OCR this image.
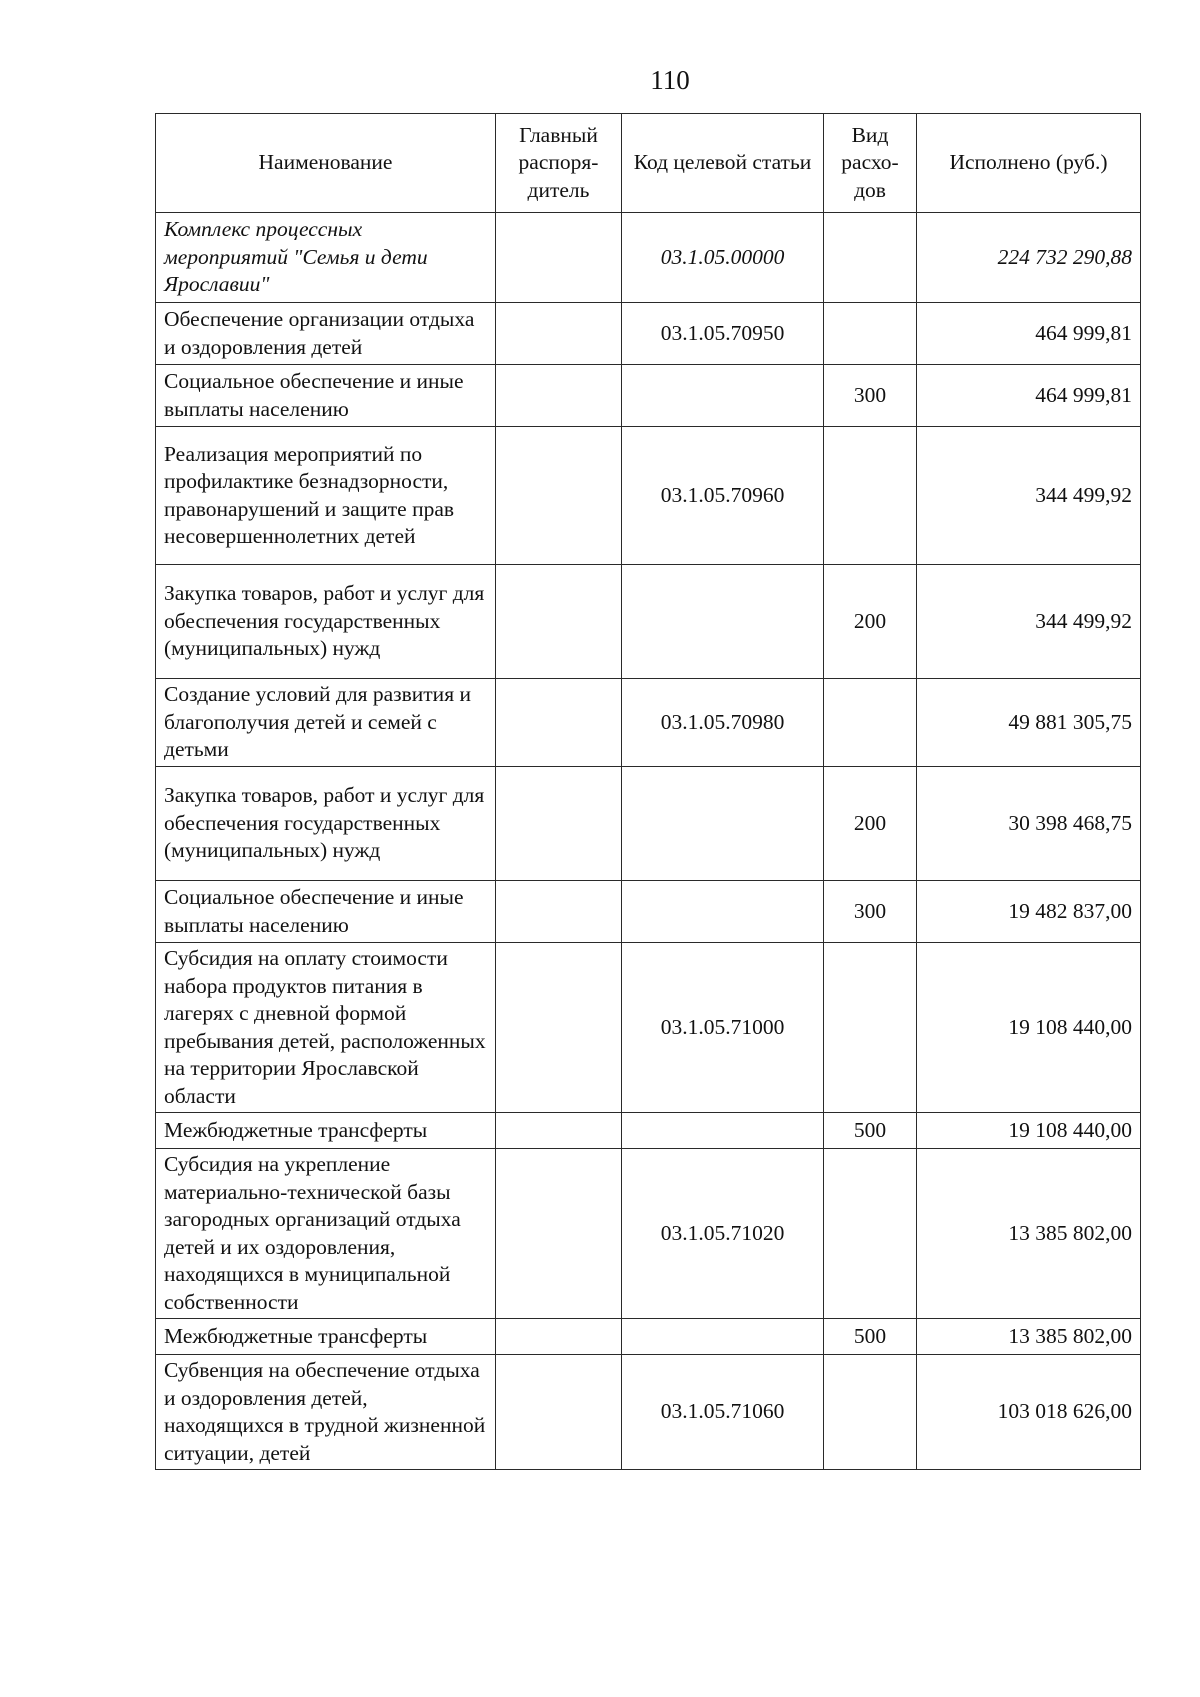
110
Наименование	Главный распоря-дитель	Код целевой статьи	Вид расхо-дов	Исполнено (руб.)
Комплекс процессных мероприятий "Семья и дети Ярославии"		03.1.05.00000		224 732 290,88
Обеспечение организации отдыха и оздоровления детей		03.1.05.70950		464 999,81
Социальное обеспечение и иные выплаты населению			300	464 999,81
Реализация мероприятий по профилактике безнадзорности, правонарушений и защите прав несовершеннолетних детей		03.1.05.70960		344 499,92
Закупка товаров, работ и услуг для обеспечения государственных (муниципальных) нужд			200	344 499,92
Создание условий для развития и благополучия детей и семей с детьми		03.1.05.70980		49 881 305,75
Закупка товаров, работ и услуг для обеспечения государственных (муниципальных) нужд			200	30 398 468,75
Социальное обеспечение и иные выплаты населению			300	19 482 837,00
Субсидия на оплату стоимости набора продуктов питания в лагерях с дневной формой пребывания детей, расположенных на территории Ярославской области		03.1.05.71000		19 108 440,00
Межбюджетные трансферты			500	19 108 440,00
Субсидия на укрепление материально-технической базы загородных организаций отдыха детей и их оздоровления, находящихся в муниципальной собственности		03.1.05.71020		13 385 802,00
Межбюджетные трансферты			500	13 385 802,00
Субвенция на обеспечение отдыха и оздоровления детей, находящихся в трудной жизненной ситуации, детей		03.1.05.71060		103 018 626,00
